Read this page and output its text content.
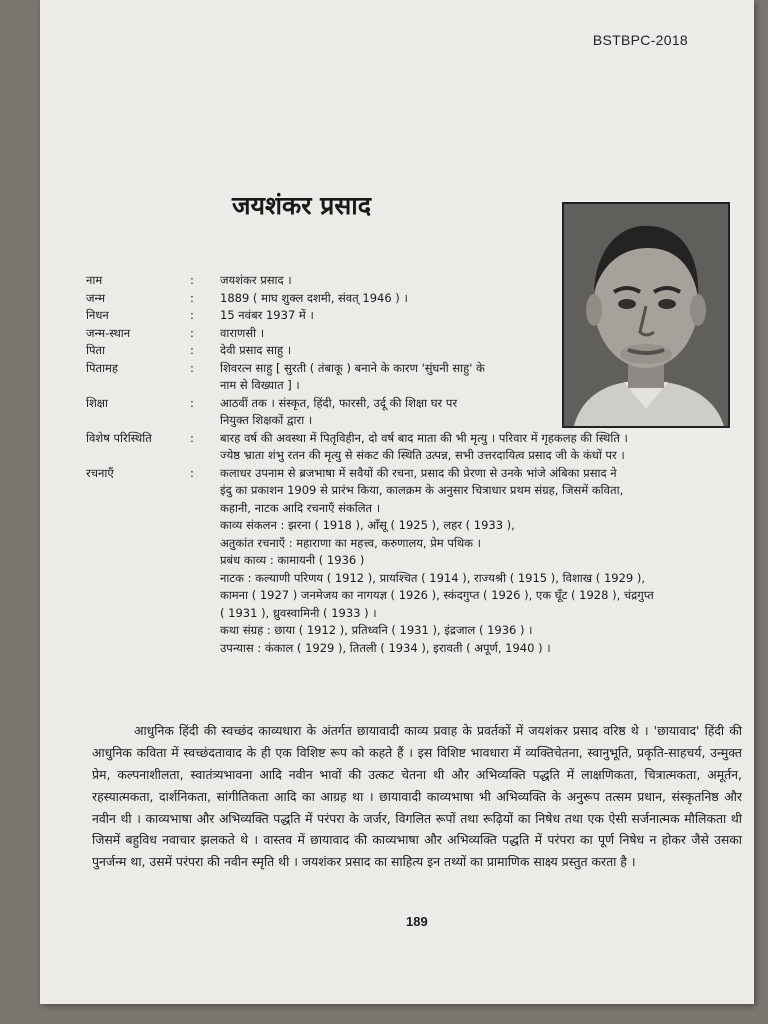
BSTBPC-2018
जयशंकर प्रसाद
नाम	:	जयशंकर प्रसाद ।
जन्म	:	1889 ( माघ शुक्ल दशमी, संवत् 1946 ) ।
निधन	:	15 नवंबर 1937 में ।
जन्म-स्थान	:	वाराणसी ।
पिता	:	देवी प्रसाद साहु ।
पितामह	:	शिवरत्न साहु [ सुरती ( तंबाकू ) बनाने के कारण 'सुंघनी साहु' के
नाम से विख्यात ] ।
शिक्षा	:	आठवीं तक । संस्कृत, हिंदी, फारसी, उर्दू की शिक्षा घर पर
नियुक्त शिक्षकों द्वारा ।
विशेष परिस्थिति	:	बारह वर्ष की अवस्था में पितृविहीन, दो वर्ष बाद माता की भी मृत्यु । परिवार में गृहकलह की स्थिति ।
ज्येष्ठ भ्राता शंभु रतन की मृत्यु से संकट की स्थिति उत्पन्न, सभी उत्तरदायित्व प्रसाद जी के कंधों पर ।
रचनाएँ	:	कलाधर उपनाम से ब्रजभाषा में सवैयों की रचना, प्रसाद की प्रेरणा से उनके भांजे अंबिका प्रसाद ने
इंदु का प्रकाशन 1909 से प्रारंभ किया, कालक्रम के अनुसार चित्राधार प्रथम संग्रह, जिसमें कविता,
कहानी, नाटक आदि रचनाएँ संकलित ।
काव्य संकलन : झरना ( 1918 ), आँसू ( 1925 ), लहर ( 1933 ),
अतुकांत रचनाएँ : महाराणा का महत्त्व, करुणालय, प्रेम पथिक ।
प्रबंध काव्य : कामायनी ( 1936 )
नाटक : कल्याणी परिणय ( 1912 ), प्रायश्चित ( 1914 ), राज्यश्री ( 1915 ), विशाख ( 1929 ),
कामना ( 1927 ) जनमेजय का नागयज्ञ ( 1926 ), स्कंदगुप्त ( 1926 ), एक घूँट ( 1928 ), चंद्रगुप्त
( 1931 ), ध्रुवस्वामिनी ( 1933 ) ।
कथा संग्रह : छाया ( 1912 ), प्रतिध्वनि ( 1931 ), इंद्रजाल ( 1936 ) ।
उपन्यास : कंकाल ( 1929 ), तितली ( 1934 ), इरावती ( अपूर्ण, 1940 ) ।

आधुनिक हिंदी की स्वच्छंद काव्यधारा के अंतर्गत छायावादी काव्य प्रवाह के प्रवर्तकों में जयशंकर प्रसाद वरिष्ठ थे । 'छायावाद' हिंदी की आधुनिक कविता में स्वच्छंदतावाद के ही एक विशिष्ट रूप को कहते हैं । इस विशिष्ट भावधारा में व्यक्तिचेतना, स्वानुभूति, प्रकृति-साहचर्य, उन्मुक्त प्रेम, कल्पनाशीलता, स्वातंत्र्यभावना आदि नवीन भावों की उत्कट चेतना थी और अभिव्यक्ति पद्धति में लाक्षणिकता, चित्रात्मकता, अमूर्तन, रहस्यात्मकता, दार्शनिकता, सांगीतिकता आदि का आग्रह था । छायावादी काव्यभाषा भी अभिव्यक्ति के अनुरूप तत्सम प्रधान, संस्कृतनिष्ठ और नवीन थी । काव्यभाषा और अभिव्यक्ति पद्धति में परंपरा के जर्जर, विगलित रूपों तथा रूढ़ियों का निषेध तथा एक ऐसी सर्जनात्मक मौलिकता थी जिसमें बहुविध नवाचार झलकते थे । वास्तव में छायावाद की काव्यभाषा और अभिव्यक्ति पद्धति में परंपरा का पूर्ण निषेध न होकर जैसे उसका पुनर्जन्म था, उसमें परंपरा की नवीन स्मृति थी । जयशंकर प्रसाद का साहित्य इन तथ्यों का प्रामाणिक साक्ष्य प्रस्तुत करता है ।

189
